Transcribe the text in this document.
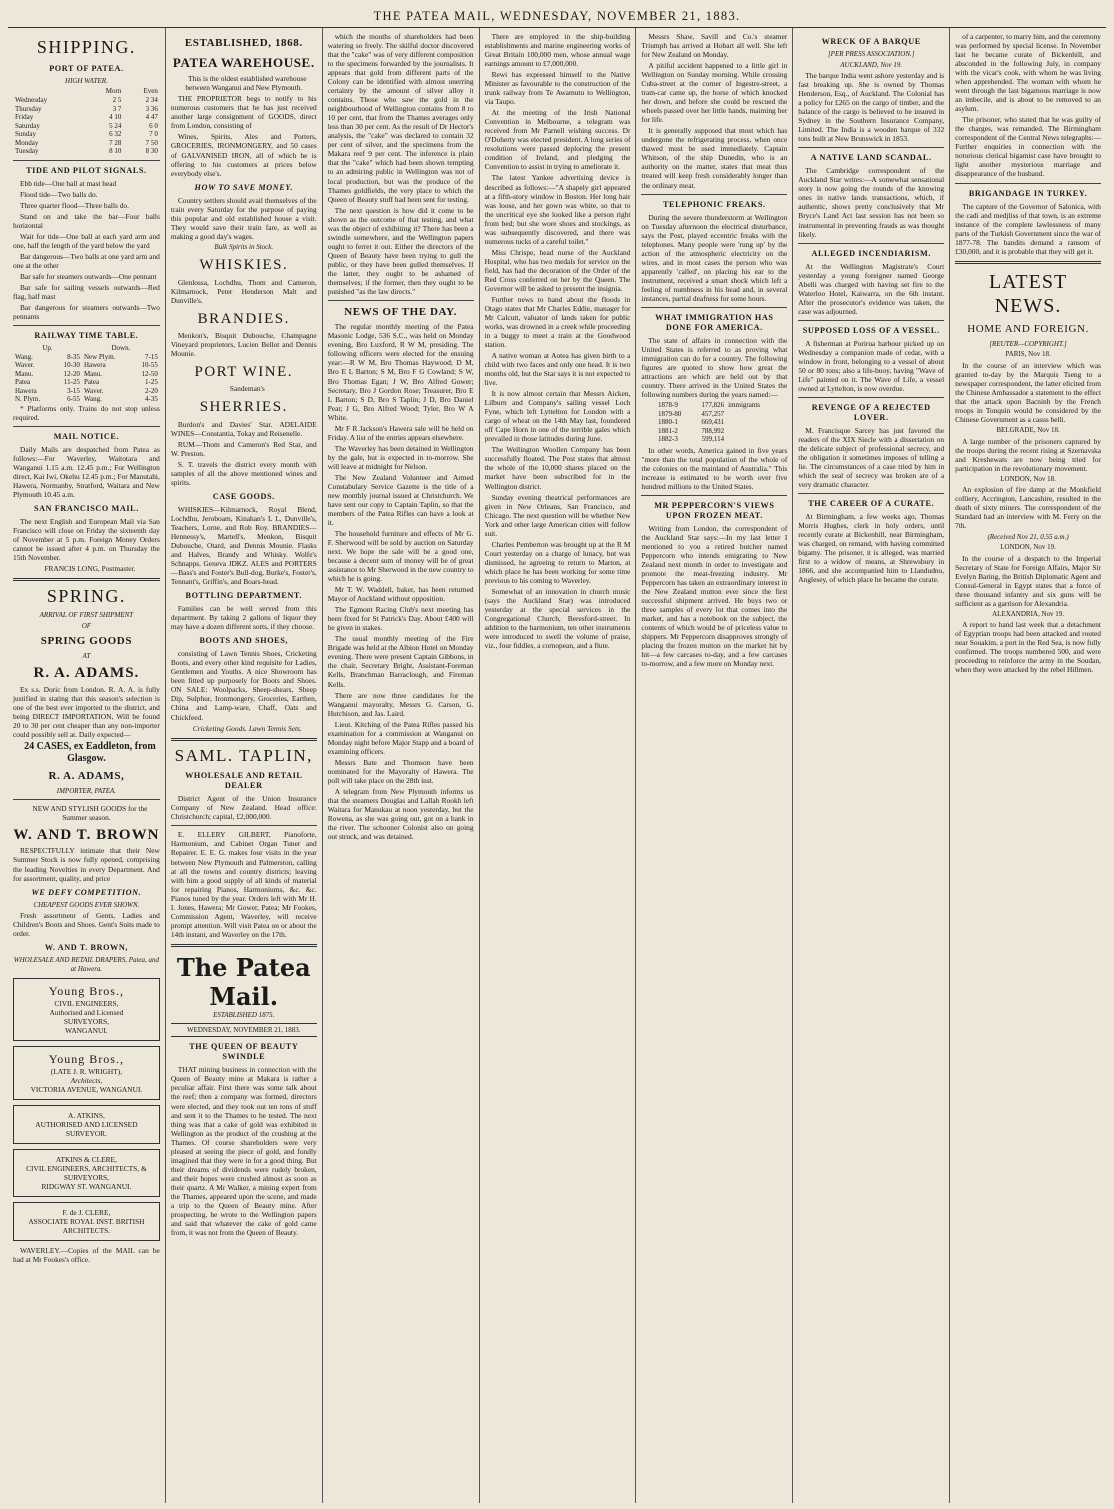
THE PATEA MAIL, WEDNESDAY, NOVEMBER 21, 1883.
SHIPPING.
PORT OF PATEA.
HIGH WATER.
	Morn	Even
Wednesday	2 5	2 34
Thursday	3 7	3 36
Friday	4 10	4 47
Saturday	5 24	6 0
Sunday	6 32	7 0
Monday	7 28	7 50
Tuesday	8 10	8 30
TIDE AND PILOT SIGNALS.

Ebb tide—One ball at mast head

Flood tide—Two balls do.

Three quarter flood—Three balls do.

Stand on and take the bar—Four balls horizontal

Wait for tide—One ball at each yard arm and one, half the length of the yard below the yard

Bar dangerous—Two balls at one yard arm and one at the other

Bar safe for steamers outwards—One pennant

Bar safe for sailing vessels outwards—Red flag, half mast

Bar dangerous for steamers outwards—Two pennants

RAILWAY TIME TABLE.
Up.		Down.	
Wang.	8-35	New Plym.	7-15
Waver.	10-30	Hawera	10-55
Manu.	12-20	Manu.	12-50
Patea	11-25	Patea	1-25
Hawera	3-15	Waver.	2-20
N. Plym.	6-55	Wang.	4-35

* Platforms only. Trains do not stop unless required.

MAIL NOTICE.

Daily Mails are despatched from Patea as follows:—For Waverley, Waitotara and Wanganui 1.15 a.m. 12.45 p.m.; For Wellington direct, Kai Iwi, Okehu 12.45 p.m.; For Manutahi, Hawera, Normanby, Stratford, Waitara and New Plymouth 10.45 a.m.

SAN FRANCISCO MAIL.

The next English and European Mail via San Francisco will close on Friday the sixteenth day of November at 5 p.m. Foreign Money Orders cannot be issued after 4 p.m. on Thursday the 15th November.

FRANCIS LONG, Postmaster.

SPRING.
ARRIVAL OF FIRST SHIPMENT
OF
SPRING GOODS
AT
R. A. ADAMS.

Ex s.s. Doric from London. R. A. A. is fully justified in stating that this season's selection is one of the best ever imported to the district, and being DIRECT IMPORTATION, Will be found 20 to 30 per cent cheaper than any non-importer could possibly sell at. Daily expected—

24 CASES, ex Eaddleton, from Glasgow.

R. A. ADAMS,
IMPORTER, PATEA.

NEW AND STYLISH GOODS for the Summer season.

W. AND T. BROWN

RESPECTFULLY intimate that their New Summer Stock is now fully opened, comprising the leading Novelties in every Department. And for assortment, quality, and price

WE DEFY COMPETITION.
CHEAPEST GOODS EVER SHOWN.

Fresh assortment of Gents, Ladies and Children's Boots and Shoes. Gent's Suits made to order.

W. AND T. BROWN,
WHOLESALE AND RETAIL DRAPERS, Patea, and at Hawera.
Young Bros.,
CIVIL ENGINEERS,
Authorised and Licensed
SURVEYORS,
WANGANUI.
Young Bros.,
(LATE J. R. WRIGHT),
Architects,
VICTORIA AVENUE, WANGANUI.
A. ATKINS,
AUTHORISED AND LICENSED SURVEYOR.
ATKINS & CLERE,
CIVIL ENGINEERS, ARCHITECTS, & SURVEYORS,
RIDGWAY ST. WANGANUI.
F. de J. CLERE,
ASSOCIATE ROYAL INST. BRITISH ARCHITECTS.

WAVERLEY.—Copies of the MAIL can be had at Mr Fookes's office.

ESTABLISHED, 1868.
PATEA WAREHOUSE.

This is the oldest established warehouse between Wanganui and New Plymouth.

THE PROPRIETOR begs to notify to his numerous customers that he has just received another large consignment of GOODS, direct from London, consisting of

Wines, Spirits, Ales and Porters, GROCERIES, IRONMONGERY, and 50 cases of GALVANISED IRON, all of which he is offering to his customers at prices below everybody else's.

HOW TO SAVE MONEY.

Country settlers should avail themselves of the train every Saturday for the purpose of paying this popular and old established house a visit. They would save their train fare, as well as making a good day's wages.

Bulk Spirits in Stock.
WHISKIES.

Glenlossa, Lochdhu, Thom and Cameron, Kilmarnock, Peter Henderson Malt and Dunville's.

BRANDIES.

Menkon's, Bisquit Dubouche, Champagne Vineyard proprietors, Lucien Bellot and Dennis Mounie.

PORT WINE.

Sandeman's

SHERRIES.

Burdon's and Davies' Star. ADELAIDE WINES—Constantia, Tokay and Reisenelle.

RUM—Thom and Cameron's Red Star, and W. Preston.

S. T. travels the district every month with samples of all the above mentioned wines and spirits.

CASE GOODS.

WHISKIES—Kilmarnock, Royal Blend, Lochdhu, Jeroboam, Kinahan's L L, Dunville's, Teachers, Lorne, and Rob Roy. BRANDIES—Hennessy's, Martell's, Menkon, Bisquit Dubouche, Otard, and Dennis Mounie. Flasks and Halves, Brandy and Whisky. Wolfe's Schnapps. Geneva JDKZ. ALES and PORTERS—Bass's and Foster's Bull-dog, Burke's, Foster's, Tennant's, Griffin's, and Boars-head.

BOTTLING DEPARTMENT.

Families can be well served from this department. By taking 2 gallons of liquor they may have a dozen different sorts, if they choose.

BOOTS AND SHOES,

consisting of Lawn Tennis Shoes, Cricketing Boots, and every other kind requisite for Ladies, Gentlemen and Youths. A nice Showroom has been fitted up purposely for Boots and Shoes. ON SALE: Woolpacks, Sheep-shears, Sheep Dip, Sulphur, Ironmongery, Groceries, Earthen, China and Lamp-ware, Chaff, Oats and Chickfeed.

Cricketing Goods. Lawn Tennis Sets.

SAML. TAPLIN,
WHOLESALE AND RETAIL DEALER

District Agent of the Union Insurance Company of New Zealand. Head office: Christchurch; capital, £2,000,000.

E. ELLERY GILBERT, Pianoforte, Harmonium, and Cabinet Organ Tuner and Repairer. E. E. G. makes four visits in the year between New Plymouth and Palmerston, calling at all the towns and country districts; leaving with him a good supply of all kinds of material for repairing Pianos, Harmoniums, &c. &c. Pianos tuned by the year. Orders left with Mr H. I. Jones, Hawera; Mr Gower, Patea; Mr Fookes, Commission Agent, Waverley, will receive prompt attention. Will visit Patea on or about the 14th instant, and Waverley on the 17th.

The Patea Mail.
ESTABLISHED 1875.
WEDNESDAY, NOVEMBER 21, 1883.
THE QUEEN OF BEAUTY SWINDLE

THAT mining business in connection with the Queen of Beauty mine at Makara is rather a peculiar affair. First there was some talk about the reef; then a company was formed, directors were elected, and they took out ten tons of stuff and sent it to the Thames to be tested. The next thing was that a cake of gold was exhibited in Wellington as the product of the crushing at the Thames. Of course shareholders were very pleased at seeing the piece of gold, and fondly imagined that they were in for a good thing. But their dreams of dividends were rudely broken, and their hopes were crushed almost as soon as their quartz. A Mr Walker, a mining expert from the Thames, appeared upon the scene, and made a trip to the Queen of Beauty mine. After prospecting, he wrote to the Wellington papers and said that whatever the cake of gold came from, it was not from the Queen of Beauty.

which the mouths of shareholders had been watering so freely. The skilful doctor discovered that the "cake" was of very different composition to the specimens forwarded by the journalists. It appears that gold from different parts of the Colony can be identified with almost unerring certainty by the amount of silver alloy it contains. Those who saw the gold in the neighbourhood of Wellington contains from 8 to 10 per cent, that from the Thames averages only less than 30 per cent. As the result of Dr Hector's analysis, the "cake" was declared to contain 32 per cent of silver, and the specimens from the Makara reef 9 per cent. The inference is plain that the "cake" which had been shown tempting to an admiring public in Wellington was not of local production, but was the produce of the Thames goldfields, the very place to which the Queen of Beauty stuff had been sent for testing.

The next question is how did it come to be shown as the outcome of that testing, and what was the object of exhibiting it? There has been a swindle somewhere, and the Wellington papers ought to ferret it out. Either the directors of the Queen of Beauty have been trying to gull the public, or they have been gulled themselves. If the latter, they ought to be ashamed of themselves; if the former, then they ought to be punished "as the law directs."

NEWS OF THE DAY.

The regular monthly meeting of the Patea Masonic Lodge, 536 S.C., was held on Monday evening, Bro Luxford, R W M, presiding. The following officers were elected for the ensuing year:—R W M, Bro Thomas Haywood; D M, Bro E L Barton; S M, Bro F G Cowland; S W, Bro Thomas Egan; J W, Bro Alfred Gower; Secretary, Bro J Gordon Rose; Treasurer, Bro E L Barton; S D, Bro S Taplin; J D, Bro Daniel Peat; J G, Bro Alfred Wood; Tyler, Bro W A White.

Mr F R Jackson's Hawera sale will be held on Friday. A list of the entries appears elsewhere.

The Waverley has been detained in Wellington by the gale, but is expected in to-morrow. She will leave at midnight for Nelson.

The New Zealand Volunteer and Armed Constabulary Service Gazette is the title of a new monthly journal issued at Christchurch. We have sent our copy to Captain Taplin, so that the members of the Patea Rifles can have a look at it.

The household furniture and effects of Mr G. F. Sherwood will be sold by auction on Saturday next. We hope the sale will be a good one, because a decent sum of money will be of great assistance to Mr Sherwood in the new country to which he is going.

Mr T. W. Waddell, baker, has been returned Mayor of Auckland without opposition.

The Egmont Racing Club's next meeting has been fixed for St Patrick's Day. About £400 will be given in stakes.

The usual monthly meeting of the Fire Brigade was held at the Albion Hotel on Monday evening. There were present Captain Gibbons, in the chair, Secretary Bright, Assistant-Foreman Kells, Branchman Barraclough, and Fireman Kells.

There are now three candidates for the Wanganui mayoralty, Messrs G. Carson, G. Hutchison, and Jas. Laird.

Lieut. Kitching of the Patea Rifles passed his examination for a commission at Wanganui on Monday night before Major Stapp and a board of examining officers.

Messrs Bate and Thomson have been nominated for the Mayoralty of Hawera. The poll will take place on the 28th inst.

A telegram from New Plymouth informs us that the steamers Douglas and Lallah Rookh left Waitara for Manukau at noon yesterday, but the Rowena, as she was going out, got on a bank in the river. The schooner Colonist also on going out struck, and was detained.

There are employed in the ship-building establishments and marine engineering works of Great Britain 100,000 men, whose annual wage earnings amount to £7,000,000.

Rewi has expressed himself to the Native Minister as favourable to the construction of the trunk railway from Te Awamutu to Wellington, via Taupo.

At the meeting of the Irish National Convention in Melbourne, a telegram was received from Mr Parnell wishing success. Dr O'Doherty was elected president. A long series of resolutions were passed deploring the present condition of Ireland, and pledging the Convention to assist in trying to ameliorate it.

The latest Yankee advertising device is described as follows:—"A shapely girl appeared at a fifth-story window in Boston. Her long hair was loose, and her gown was white, so that to the uncritical eye she looked like a person right from bed; but she wore shoes and stockings, as was subsequently discovered, and there was numerous tucks of a careful toilet."

Miss Chrispe, head nurse of the Auckland Hospital, who has two medals for service on the field, has had the decoration of the Order of the Red Cross conferred on her by the Queen. The Governor will be asked to present the insignia.

Further news to hand about the floods in Otago states that Mr Charles Eddie, manager for Mr Calcutt, valuator of lands taken for public works, was drowned in a creek while proceeding in a buggy to meet a train at the Goodwood station.

A native woman at Aotea has given birth to a child with two faces and only one head. It is two months old, but the Star says it is not expected to live.

It is now almost certain that Messrs Aicken, Lilburn and Company's sailing vessel Loch Fyne, which left Lyttelton for London with a cargo of wheat on the 14th May last, foundered off Cape Horn in one of the terrible gales which prevailed in those latitudes during June.

The Wellington Woollen Company has been successfully floated. The Post states that almost the whole of the 10,000 shares placed on the market have been subscribed for in the Wellington district.

Sunday evening theatrical performances are given in New Orleans, San Francisco, and Chicago. The next question will be whether New York and other large American cities will follow suit.

Charles Pemberton was brought up at the R M Court yesterday on a charge of lunacy, but was dismissed, he agreeing to return to Marton, at which place he has been working for some time previous to his coming to Waverley.

Somewhat of an innovation in church music (says the Auckland Star) was introduced yesterday at the special services in the Congregational Church, Beresford-street. In addition to the harmonium, ten other instruments were introduced to swell the volume of praise, viz., four fiddles, a cornopean, and a flute.

Messrs Shaw, Savill and Co.'s steamer Triumph has arrived at Hobart all well. She left for New Zealand on Monday.

A pitiful accident happened to a little girl in Wellington on Sunday morning. While crossing Cuba-street at the corner of Ingestre-street, a tram-car came up, the horse of which knocked her down, and before she could be rescued the wheels passed over her little hands, maiming her for life.

It is generally supposed that most which has undergone the refrigerating process, when once thawed must be used immediately. Captain Whitson, of the ship Dunedin, who is an authority on the matter, states that meat thus treated will keep fresh considerably longer than the ordinary meat.

TELEPHONIC FREAKS.

During the severe thunderstorm at Wellington on Tuesday afternoon the electrical disturbance, says the Post, played eccentric freaks with the telephones. Many people were 'rung up' by the action of the atmospheric electricity on the wires, and in most cases the person who was apparently 'called', on placing his ear to the instrument, received a smart shock which left a feeling of numbness in his head and, in several instances, partial deafness for some hours.

WHAT IMMIGRATION HAS DONE FOR AMERICA.

The state of affairs in connection with the United States is referred to as proving what immigration can do for a country. The following figures are quoted to show how great the attractions are which are held out by that country. There arrived in the United States the following numbers during the years named:—

1878-9	177,826	immigrants
1879-80	457,257	
1880-1	669,431	
1881-2	788,992	
1882-3	599,114	

In other words, America gained in five years "more than the total population of the whole of the colonies on the mainland of Australia." This increase is estimated to be worth over five hundred millions to the United States.

MR PEPPERCORN'S VIEWS UPON FROZEN MEAT.

Writing from London, the correspondent of the Auckland Star says:—In my last letter I mentioned to you a retired butcher named Peppercorn who intends emigrating to New Zealand next month in order to investigate and promote the meat-freezing industry. Mr Peppercorn has taken an extraordinary interest in the New Zealand mutton ever since the first successful shipment arrived. He buys two or three samples of every lot that comes into the market, and has a notebook on the subject, the contents of which would be of priceless value to shippers. Mr Peppercorn disapproves strongly of placing the frozen mutton on the market hit by hit—a few carcases to-day, and a few carcases to-morrow, and a few more on Monday next.

WRECK OF A BARQUE
[PER PRESS ASSOCIATION.]
AUCKLAND, Nov 19.

The barque India went ashore yesterday and is fast breaking up. She is owned by Thomas Henderson, Esq., of Auckland. The Colonial has a policy for £265 on the cargo of timber, and the balance of the cargo is believed to be insured in Sydney in the Southern Insurance Company, Limited. The India is a wooden barque of 332 tons built at New Brunswick in 1853.

A NATIVE LAND SCANDAL.

The Cambridge correspondent of the Auckland Star writes:—A somewhat sensational story is now going the rounds of the knowing ones in native lands transactions, which, if authentic, shows pretty conclusively that Mr Bryce's Land Act last session has not been so instrumental in preventing frauds as was thought likely.

ALLEGED INCENDIARISM.

At the Wellington Magistrate's Court yesterday a young foreigner named George Abelli was charged with having set fire to the Waterloo Hotel, Kaiwarra, on the 6th instant. After the prosecutor's evidence was taken, the case was adjourned.

SUPPOSED LOSS OF A VESSEL.

A fisherman at Porirua harbour picked up on Wednesday a companion made of cedar, with a window in front, belonging to a vessel of about 50 or 80 tons; also a life-buoy, having "Wave of Life" painted on it. The Wave of Life, a vessel owned at Lyttelton, is now overdue.

REVENGE OF A REJECTED LOVER.

M. Francisque Sarcey has just favored the readers of the XIX Siecle with a dissertation on the delicate subject of professional secrecy, and the obligation it sometimes imposes of telling a lie. The circumstances of a case tried by him in which the seal of secrecy was broken are of a very dramatic character.

THE CAREER OF A CURATE.

At Birmingham, a few weeks ago, Thomas Morris Hughes, clerk in holy orders, until recently curate at Bickenhill, near Birmingham, was charged, on remand, with having committed bigamy. The prisoner, it is alleged, was married first to a widow of means, at Shrewsbury in 1866, and she accompanied him to Llandudno, Anglesey, of which place he became the curate.

of a carpenter, to marry him, and the ceremony was performed by special license. In November last he became curate of Bickenhill, and absconded in the following July, in company with the vicar's cook, with whom he was living when apprehended. The woman with whom he went through the last bigamous marriage is now an imbecile, and is about to be removed to an asylum.

The prisoner, who stated that he was guilty of the charges, was remanded. The Birmingham correspondent of the Central News telegraphs:—Further enquiries in connection with the notorious clerical bigamist case have brought to light another mysterious marriage and disappearance of the husband.

BRIGANDAGE IN TURKEY.

The capture of the Governor of Salonica, with the cadi and medjliss of that town, is an extreme instance of the complete lawlessness of many parts of the Turkish Government since the war of 1877-78. The bandits demand a ransom of £30,000, and it is probable that they will get it.

LATEST NEWS.
HOME AND FOREIGN.
[REUTER—COPYRIGHT.]
PARIS, Nov 18.

In the course of an interview which was granted to-day by the Marquis Tseng to a newspaper correspondent, the latter elicited from the Chinese Ambassador a statement to the effect that the attack upon Bacninh by the French troops in Tonquin would be considered by the Chinese Government as a casus belli.

BELGRADE, Nov 18.

A large number of the prisoners captured by the troops during the recent rising at Szernavska and Kreshewats are now being tried for participation in the revolutionary movement.

LONDON, Nov 18.

An explosion of fire damp at the Monkfield colliery, Accrington, Lancashire, resulted in the death of sixty miners. The correspondent of the Standard had an interview with M. Ferry on the 7th.

(Received Nov 21, 0.55 a.m.)
LONDON, Nov 19.

In the course of a despatch to the Imperial Secretary of State for Foreign Affairs, Major Sir Evelyn Baring, the British Diplomatic Agent and Consul-General in Egypt states that a force of three thousand infantry and six guns will be sufficient as a garrison for Alexandria.

ALEXANDRIA, Nov 19.

A report to hand last week that a detachment of Egyptian troops had been attacked and routed near Souakim, a port in the Red Sea, is now fully confirmed. The troops numbered 500, and were proceeding to reinforce the army in the Soudan, when they were attacked by the rebel Hillmen.
